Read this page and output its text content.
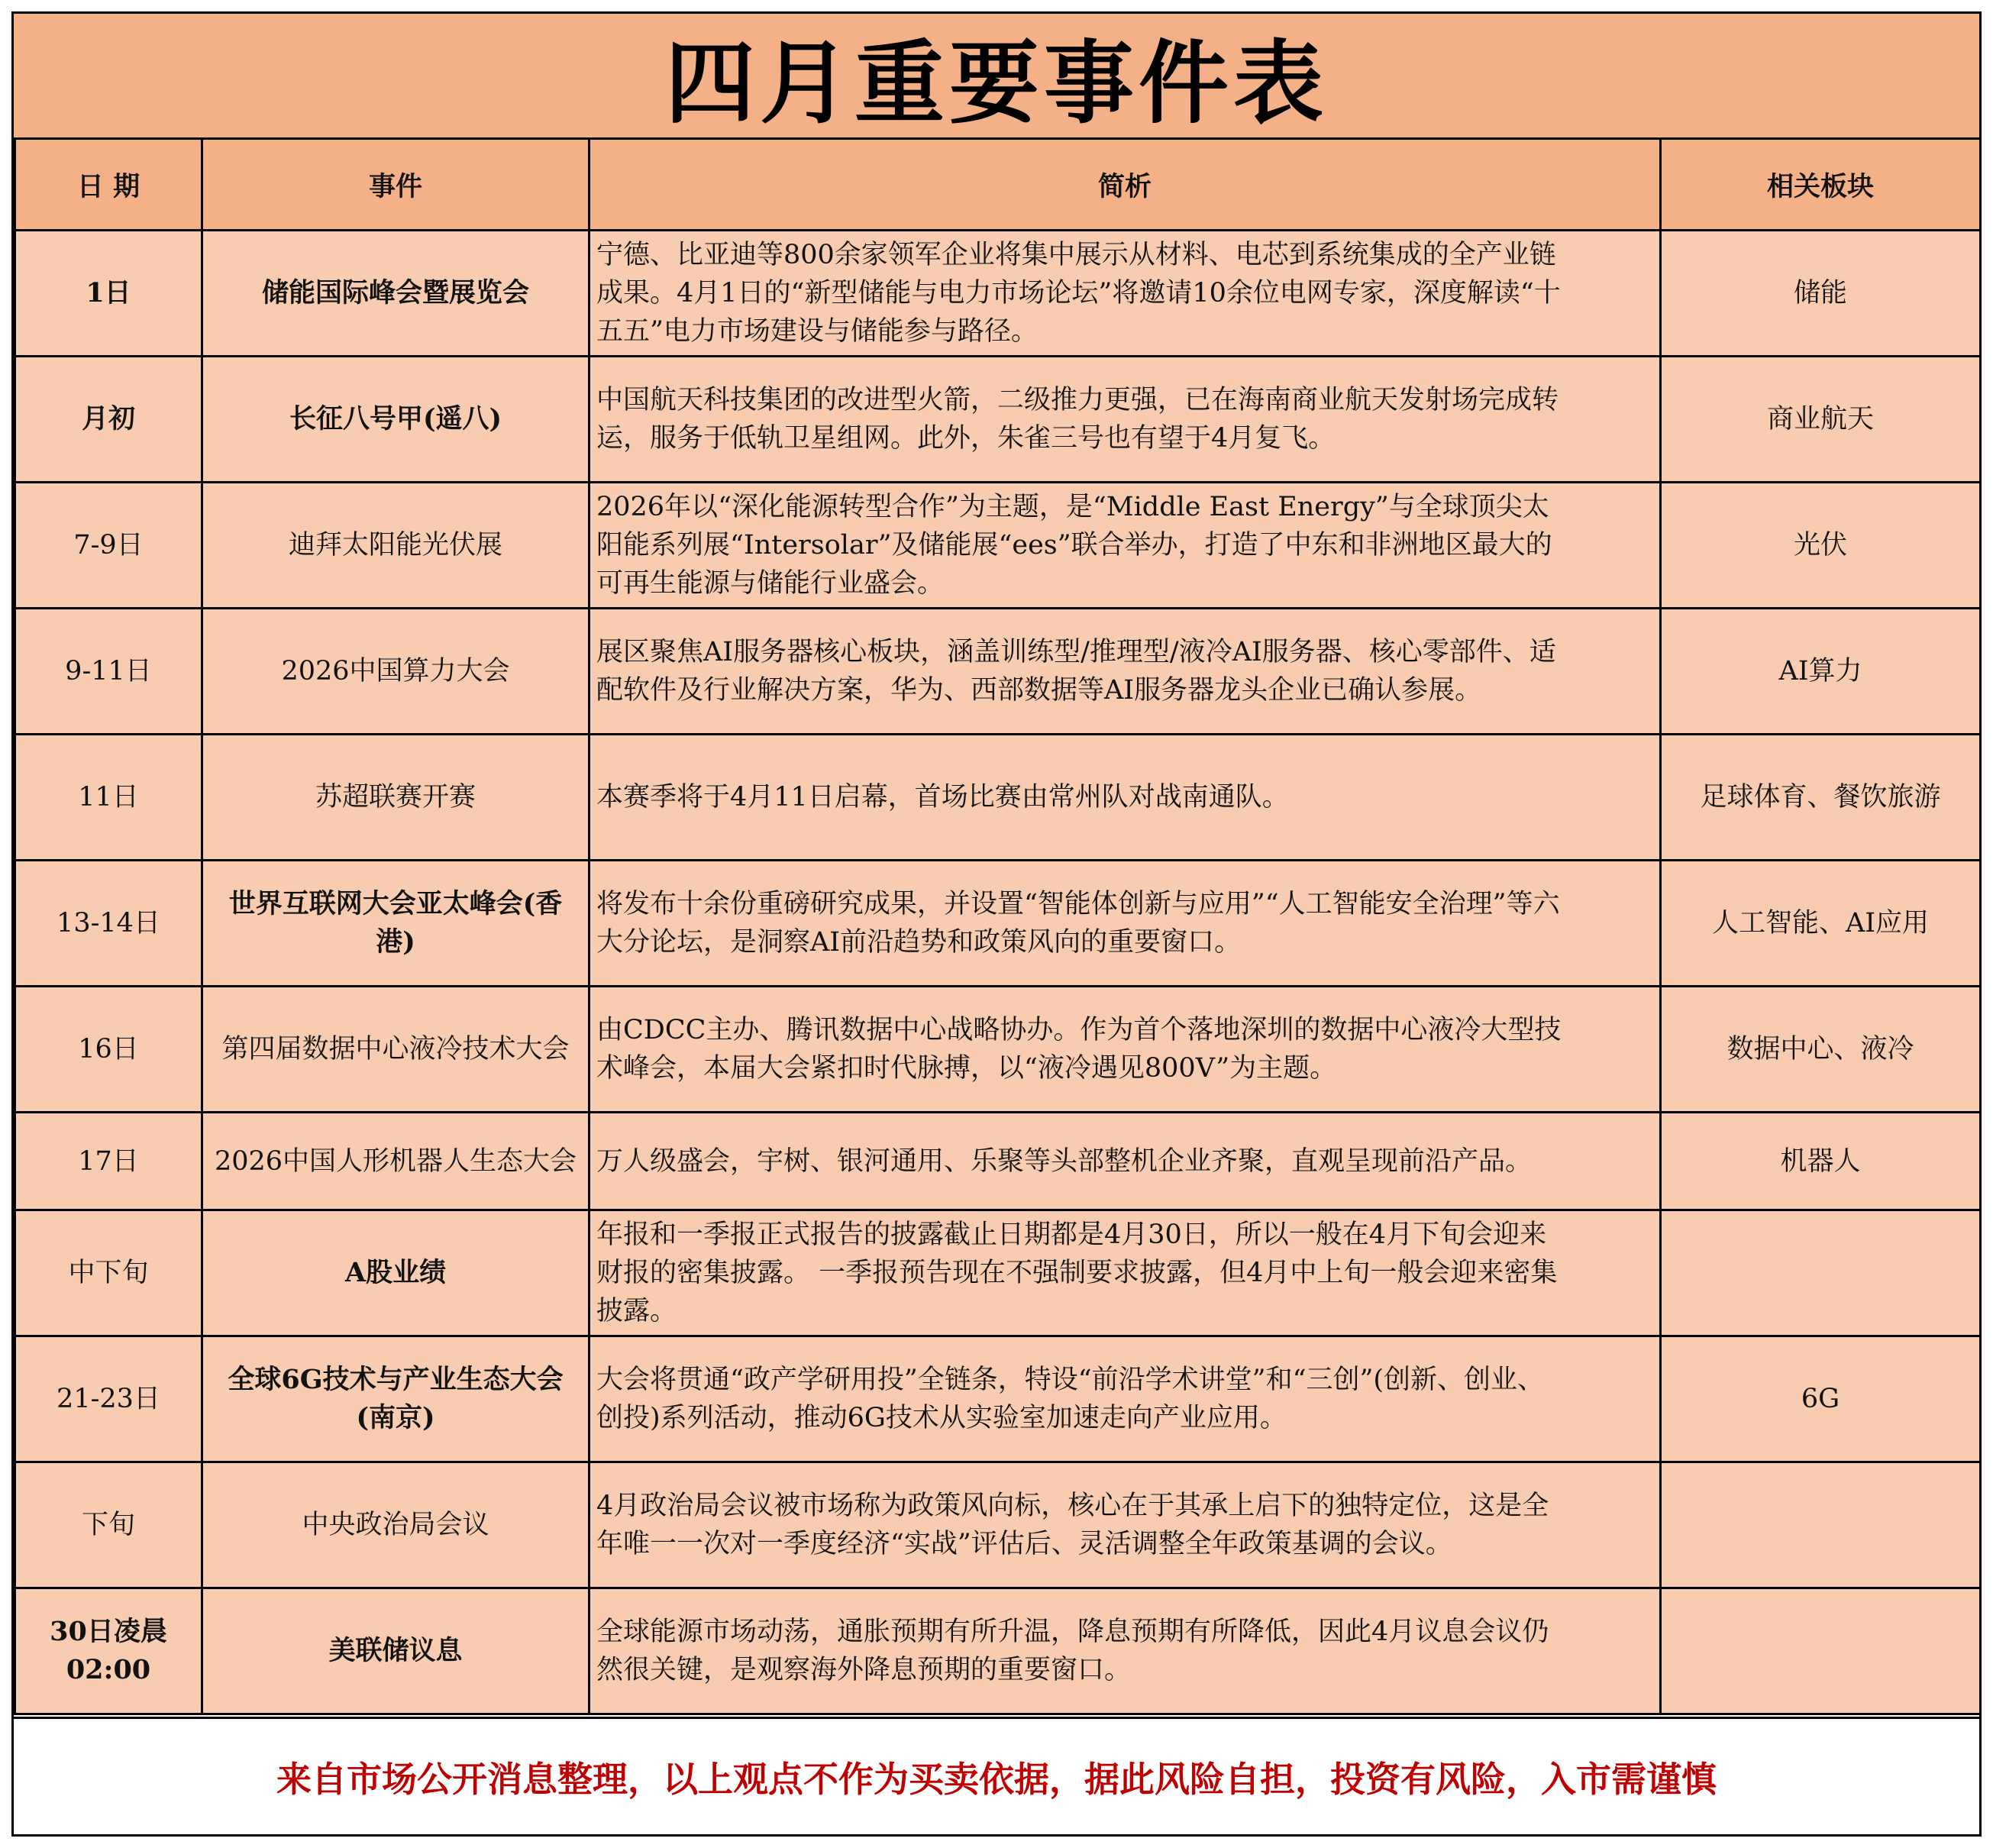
四月重要事件表
日 期	事件	简析	相关板块
1日	储能国际峰会暨展览会	宁德、比亚迪等800余家领军企业将集中展示从材料、电芯到系统集成的全产业链成果。4月1日的“新型储能与电力市场论坛”将邀请10余位电网专家，深度解读“十五五”电力市场建设与储能参与路径。	储能
月初	长征八号甲(遥八)	中国航天科技集团的改进型火箭，二级推力更强，已在海南商业航天发射场完成转运，服务于低轨卫星组网。此外，朱雀三号也有望于4月复飞。	商业航天
7-9日	迪拜太阳能光伏展	2026年以“深化能源转型合作”为主题，是“Middle East Energy”与全球顶尖太阳能系列展“Intersolar”及储能展“ees”联合举办，打造了中东和非洲地区最大的可再生能源与储能行业盛会。	光伏
9-11日	2026中国算力大会	展区聚焦AI服务器核心板块，涵盖训练型/推理型/液冷AI服务器、核心零部件、适配软件及行业解决方案，华为、西部数据等AI服务器龙头企业已确认参展。	AI算力
11日	苏超联赛开赛	本赛季将于4月11日启幕，首场比赛由常州队对战南通队。	足球体育、餐饮旅游
13-14日	世界互联网大会亚太峰会(香港)	将发布十余份重磅研究成果，并设置“智能体创新与应用”“人工智能安全治理”等六大分论坛，是洞察AI前沿趋势和政策风向的重要窗口。	人工智能、AI应用
16日	第四届数据中心液冷技术大会	由CDCC主办、腾讯数据中心战略协办。作为首个落地深圳的数据中心液冷大型技术峰会，本届大会紧扣时代脉搏，以“液冷遇见800V”为主题。	数据中心、液冷
17日	2026中国人形机器人生态大会	万人级盛会，宇树、银河通用、乐聚等头部整机企业齐聚，直观呈现前沿产品。	机器人
中下旬	A股业绩	年报和一季报正式报告的披露截止日期都是4月30日，所以一般在4月下旬会迎来财报的密集披露。 一季报预告现在不强制要求披露，但4月中上旬一般会迎来密集披露。	
21-23日	全球6G技术与产业生态大会(南京)	大会将贯通“政产学研用投”全链条，特设“前沿学术讲堂”和“三创”(创新、创业、创投)系列活动，推动6G技术从实验室加速走向产业应用。	6G
下旬	中央政治局会议	4月政治局会议被市场称为政策风向标，核心在于其承上启下的独特定位，这是全年唯一一次对一季度经济“实战”评估后、灵活调整全年政策基调的会议。	
30日凌晨 02:00	美联储议息	全球能源市场动荡，通胀预期有所升温，降息预期有所降低，因此4月议息会议仍然很关键，是观察海外降息预期的重要窗口。	
来自市场公开消息整理，以上观点不作为买卖依据，据此风险自担，投资有风险，入市需谨慎
